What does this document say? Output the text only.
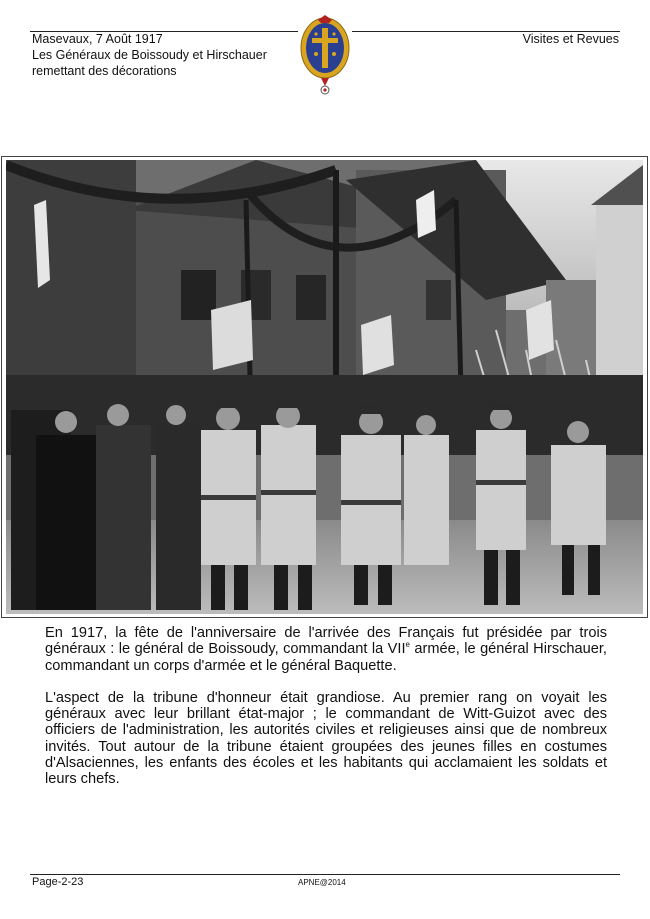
Masevaux, 7 Août 1917
Les Généraux de Boissoudy et Hirschauer
remettant des décorations
Visites et Revues

En 1917, la fête de l'anniversaire de l'arrivée des Français fut présidée par trois généraux : le général de Boissoudy, commandant la VIIe armée, le général Hirschauer, commandant un corps d'armée et le général Baquette.

L'aspect de la tribune d'honneur était grandiose. Au premier rang on voyait les généraux avec leur brillant état-major ; le commandant de Witt-Guizot avec des officiers de l'administration, les autorités civiles et religieuses ainsi que de nombreux invités. Tout autour de la tribune étaient groupées des jeunes filles en costumes d'Alsaciennes, les enfants des écoles et les habitants qui acclamaient les soldats et leurs chefs.

Page-2-23	APNE@2014
